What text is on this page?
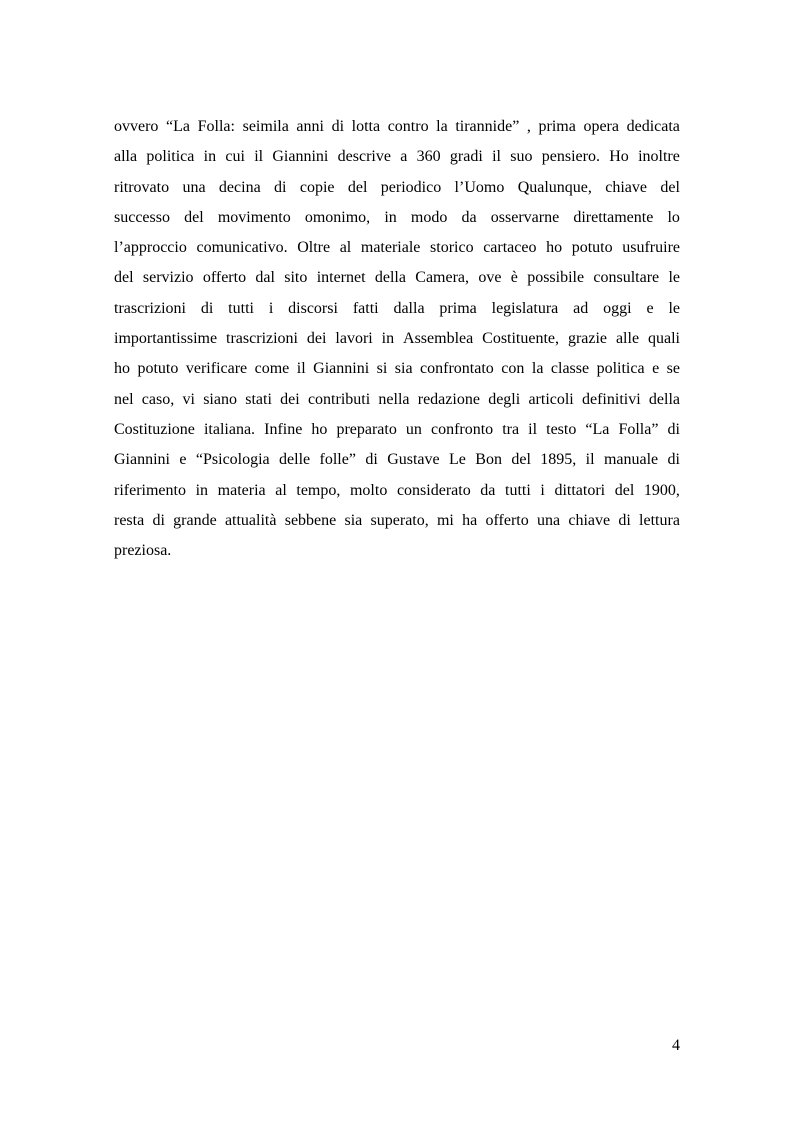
ovvero “La Folla: seimila anni di lotta contro la tirannide” , prima opera dedicata
alla politica in cui il Giannini descrive a 360 gradi il suo pensiero. Ho inoltre
ritrovato una decina di copie del periodico l’Uomo Qualunque, chiave del
successo del movimento omonimo, in modo da osservarne direttamente lo
l’approccio comunicativo. Oltre al materiale storico cartaceo ho potuto usufruire
del servizio offerto dal sito internet della Camera, ove è possibile consultare le
trascrizioni di tutti i discorsi fatti dalla prima legislatura ad oggi e le
importantissime trascrizioni dei lavori in Assemblea Costituente, grazie alle quali
ho potuto verificare come il Giannini si sia confrontato con la classe politica e se
nel caso, vi siano stati dei contributi nella redazione degli articoli definitivi della
Costituzione italiana. Infine ho preparato un confronto tra il testo “La Folla” di
Giannini e “Psicologia delle folle” di Gustave Le Bon del 1895, il manuale di
riferimento in materia al tempo, molto considerato da tutti i dittatori del 1900,
resta di grande attualità sebbene sia superato, mi ha offerto una chiave di lettura
preziosa.
4
